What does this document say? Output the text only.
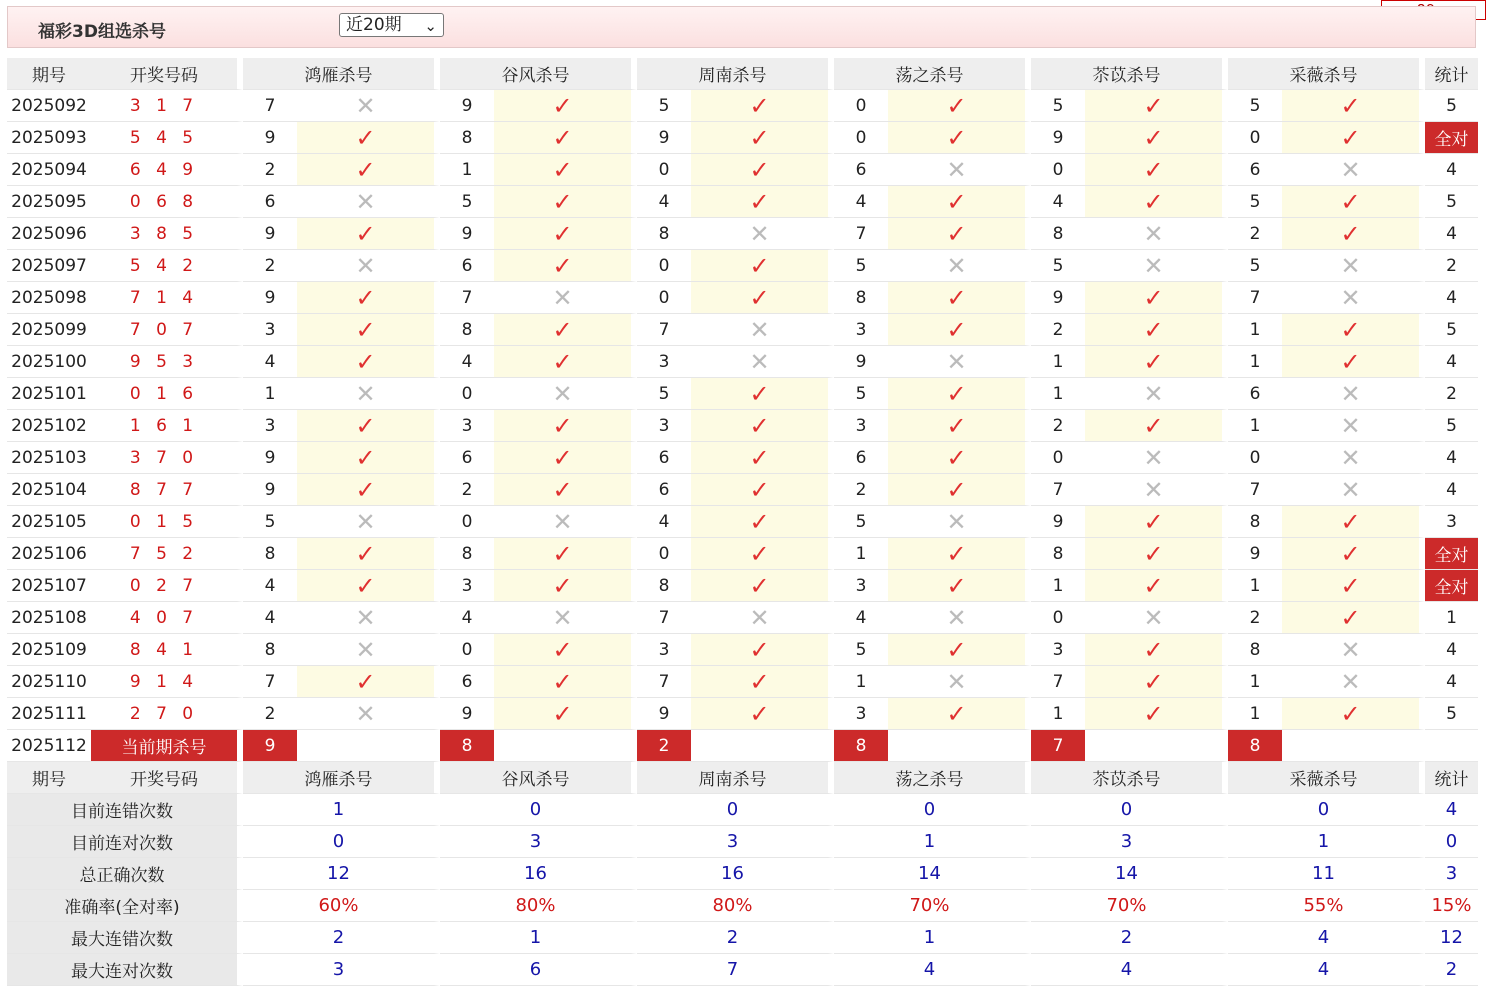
福彩3D组选杀号	近20期 ⌄
期号	开奖号码	鸿雁杀号		谷风杀号		周南杀号		荡之杀号		苶苡杀号		采薇杀号		统计
2025092	3 1 7	7	✕	9	✓	5	✓	0	✓	5	✓	5	✓	5
2025093	5 4 5	9	✓	8	✓	9	✓	0	✓	9	✓	0	✓	全对
2025094	6 4 9	2	✓	1	✓	0	✓	6	✕	0	✓	6	✕	4
2025095	0 6 8	6	✕	5	✓	4	✓	4	✓	4	✓	5	✓	5
2025096	3 8 5	9	✓	9	✓	8	✕	7	✓	8	✕	2	✓	4
2025097	5 4 2	2	✕	6	✓	0	✓	5	✕	5	✕	5	✕	2
2025098	7 1 4	9	✓	7	✕	0	✓	8	✓	9	✓	7	✕	4
2025099	7 0 7	3	✓	8	✓	7	✕	3	✓	2	✓	1	✓	5
2025100	9 5 3	4	✓	4	✓	3	✕	9	✕	1	✓	1	✓	4
2025101	0 1 6	1	✕	0	✕	5	✓	5	✓	1	✕	6	✕	2
2025102	1 6 1	3	✓	3	✓	3	✓	3	✓	2	✓	1	✕	5
2025103	3 7 0	9	✓	6	✓	6	✓	6	✓	0	✕	0	✕	4
2025104	8 7 7	9	✓	2	✓	6	✓	2	✓	7	✕	7	✕	4
2025105	0 1 5	5	✕	0	✕	4	✓	5	✕	9	✓	8	✓	3
2025106	7 5 2	8	✓	8	✓	0	✓	1	✓	8	✓	9	✓	全对
2025107	0 2 7	4	✓	3	✓	8	✓	3	✓	1	✓	1	✓	全对
2025108	4 0 7	4	✕	4	✕	7	✕	4	✕	0	✕	2	✓	1
2025109	8 4 1	8	✕	0	✓	3	✓	5	✓	3	✓	8	✕	4
2025110	9 1 4	7	✓	6	✓	7	✓	1	✕	7	✓	1	✕	4
2025111	2 7 0	2	✕	9	✓	9	✓	3	✓	1	✓	1	✓	5
2025112	当前期杀号	9		8		2		8		7		8		
期号	开奖号码	鸿雁杀号		谷风杀号		周南杀号		荡之杀号		苶苡杀号		采薇杀号		统计
目前连错次数		1		0		0		0		0		0		4
目前连对次数		0		3		3		1		3		1		0
总正确次数		12		16		16		14		14		11		3
准确率(全对率)		60%		80%		80%		70%		70%		55%		15%
最大连错次数		2		1		2		1		2		4		12
最大连对次数		3		6		7		4		4		4		2
